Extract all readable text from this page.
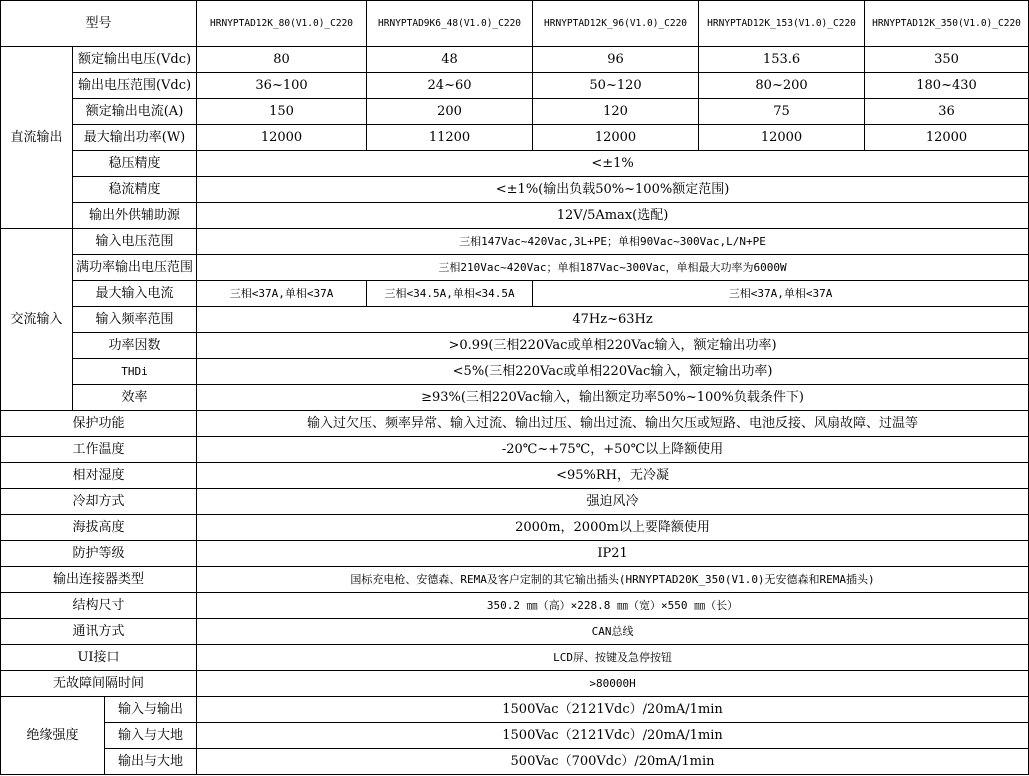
型号			HRNYPTAD12K_80(V1.0)_C220	HRNYPTAD9K6_48(V1.0)_C220	HRNYPTAD12K_96(V1.0)_C220	HRNYPTAD12K_153(V1.0)_C220	HRNYPTAD12K_350(V1.0)_C220
直流输出	额定输出电压(Vdc)		80	48	96	153.6	350
	输出电压范围(Vdc)		36~100	24~60	50~120	80~200	180~430
	额定输出电流(A)		150	200	120	75	36
	最大输出功率(W)		12000	11200	12000	12000	12000
	稳压精度		<±1%				
	稳流精度		<±1%(输出负载50%~100%额定范围)				
	输出外供辅助源		12V/5Amax(选配)				
交流输入	输入电压范围		三相147Vac~420Vac,3L+PE；单相90Vac~300Vac,L/N+PE				
	满功率输出电压范围		三相210Vac~420Vac；单相187Vac~300Vac，单相最大功率为6000W				
	最大输入电流		三相<37A,单相<37A	三相<34.5A,单相<34.5A	三相<37A,单相<37A		
	输入频率范围		47Hz~63Hz				
	功率因数		>0.99(三相220Vac或单相220Vac输入，额定输出功率)				
	THDi		<5%(三相220Vac或单相220Vac输入，额定输出功率)				
	效率		≥93%(三相220Vac输入，输出额定功率50%~100%负载条件下)				
保护功能			输入过欠压、频率异常、输入过流、输出过压、输出过流、输出欠压或短路、电池反接、风扇故障、过温等				
工作温度			-20℃~+75℃，+50℃以上降额使用				
相对湿度			<95%RH，无冷凝				
冷却方式			强迫风冷				
海拔高度			2000m，2000m以上要降额使用				
防护等级			IP21				
输出连接器类型			国标充电枪、安德森、REMA及客户定制的其它输出插头(HRNYPTAD20K_350(V1.0)无安德森和REMA插头)				
结构尺寸			350.2 ㎜（高）×228.8 ㎜（宽）×550 ㎜（长）				
通讯方式			CAN总线				
UI接口			LCD屏、按键及急停按钮				
无故障间隔时间			>80000H				
绝缘强度		输入与输出	1500Vac（2121Vdc）/20mA/1min				
		输入与大地	1500Vac（2121Vdc）/20mA/1min				
		输出与大地	500Vac（700Vdc）/20mA/1min				
